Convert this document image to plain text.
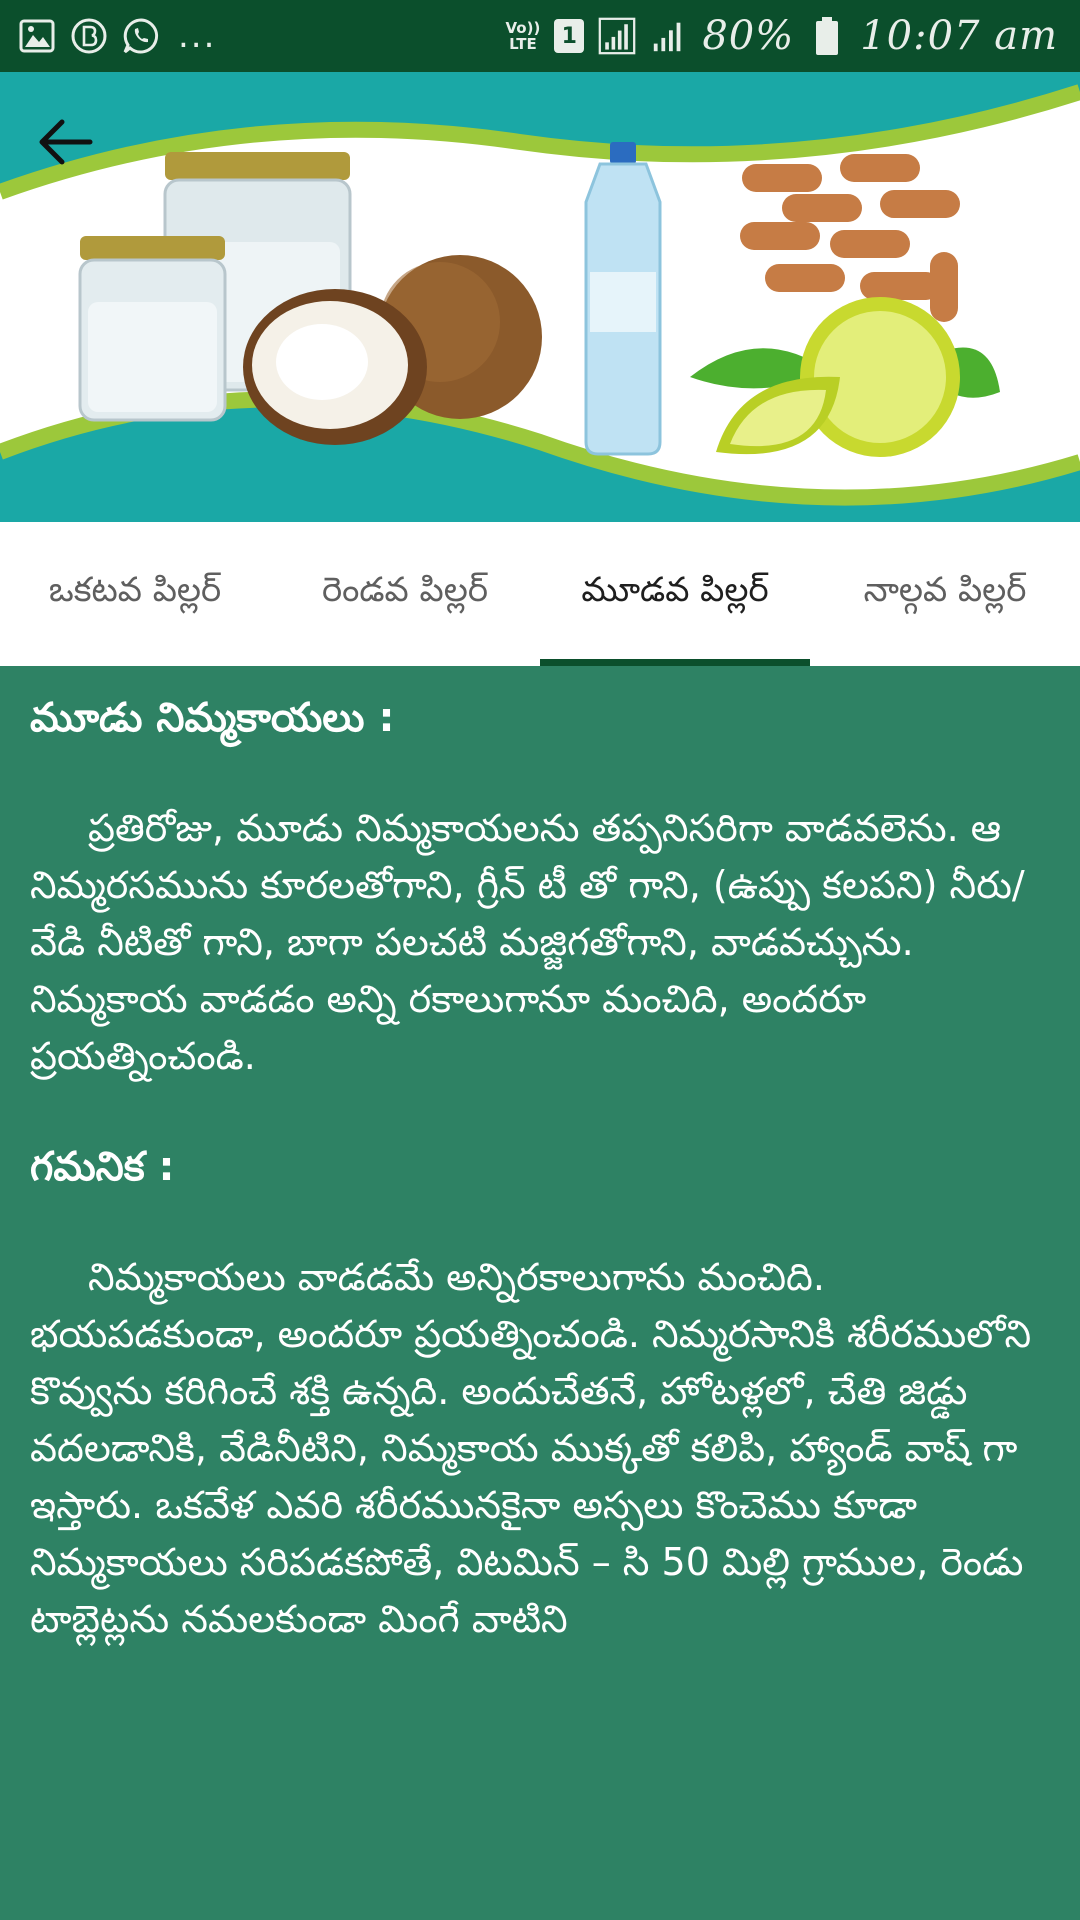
...	Vo))
LTE	1	80% 10:07 am
ఒకటవ పిల్లర్	రెండవ పిల్లర్	మూడవ పిల్లర్	నాల్గవ పిల్లర్
మూడు నిమ్మకాయలు :
ప్రతిరోజు, మూడు నిమ్మకాయలను తప్పనిసరిగా వాడవలెను. ఆ నిమ్మరసమును కూరలతోగాని, గ్రీన్ టీ తో గాని, (ఉప్పు కలపని) నీరు/వేడి నీటితో గాని, బాగా పలచటి మజ్జిగతోగాని, వాడవచ్చును. నిమ్మకాయ వాడడం అన్ని రకాలుగానూ మంచిది, అందరూ ప్రయత్నించండి.
గమనిక :
నిమ్మకాయలు వాడడమే అన్నిరకాలుగాను మంచిది. భయపడకుండా, అందరూ ప్రయత్నించండి. నిమ్మరసానికి శరీరములోని కొవ్వును కరిగించే శక్తి ఉన్నది. అందుచేతనే, హోటళ్లలో, చేతి జిడ్డు వదలడానికి, వేడినీటిని, నిమ్మకాయ ముక్కతో కలిపి, హ్యాండ్ వాష్ గా ఇస్తారు. ఒకవేళ ఎవరి శరీరమునకైనా అస్సలు కొంచెము కూడా నిమ్మకాయలు సరిపడకపోతే, విటమిన్ – సి 50 మిల్లి గ్రాముల, రెండు టాబ్లెట్లను నమలకుండా మింగే వాటిని
